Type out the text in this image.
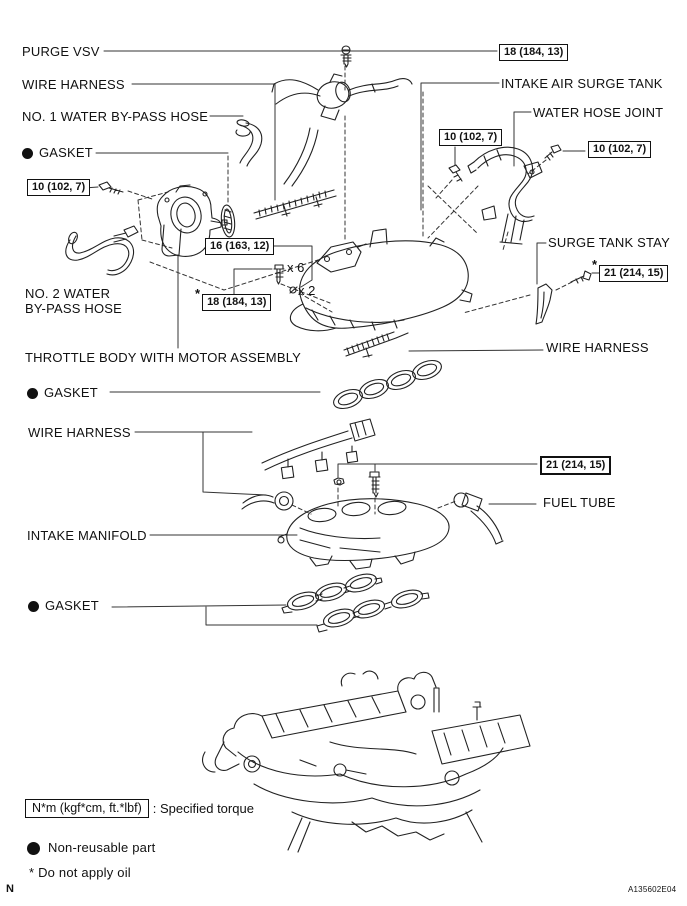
PURGE VSV
WIRE HARNESS
NO. 1 WATER BY-PASS HOSE
GASKET
10 (102, 7)
NO. 2 WATER
BY-PASS HOSE
THROTTLE BODY WITH MOTOR ASSEMBLY
GASKET
WIRE HARNESS
INTAKE MANIFOLD
GASKET
18 (184, 13)
INTAKE AIR SURGE TANK
WATER HOSE JOINT
10 (102, 7)
10 (102, 7)
SURGE TANK STAY
*
21 (214, 15)
WIRE HARNESS
16 (163, 12)
x 6
x 2
*
18 (184, 13)
21 (214, 15)
FUEL TUBE
N*m (kgf*cm, ft.*lbf) : Specified torque
Non-reusable part
* Do not apply oil
N	A135602E04
